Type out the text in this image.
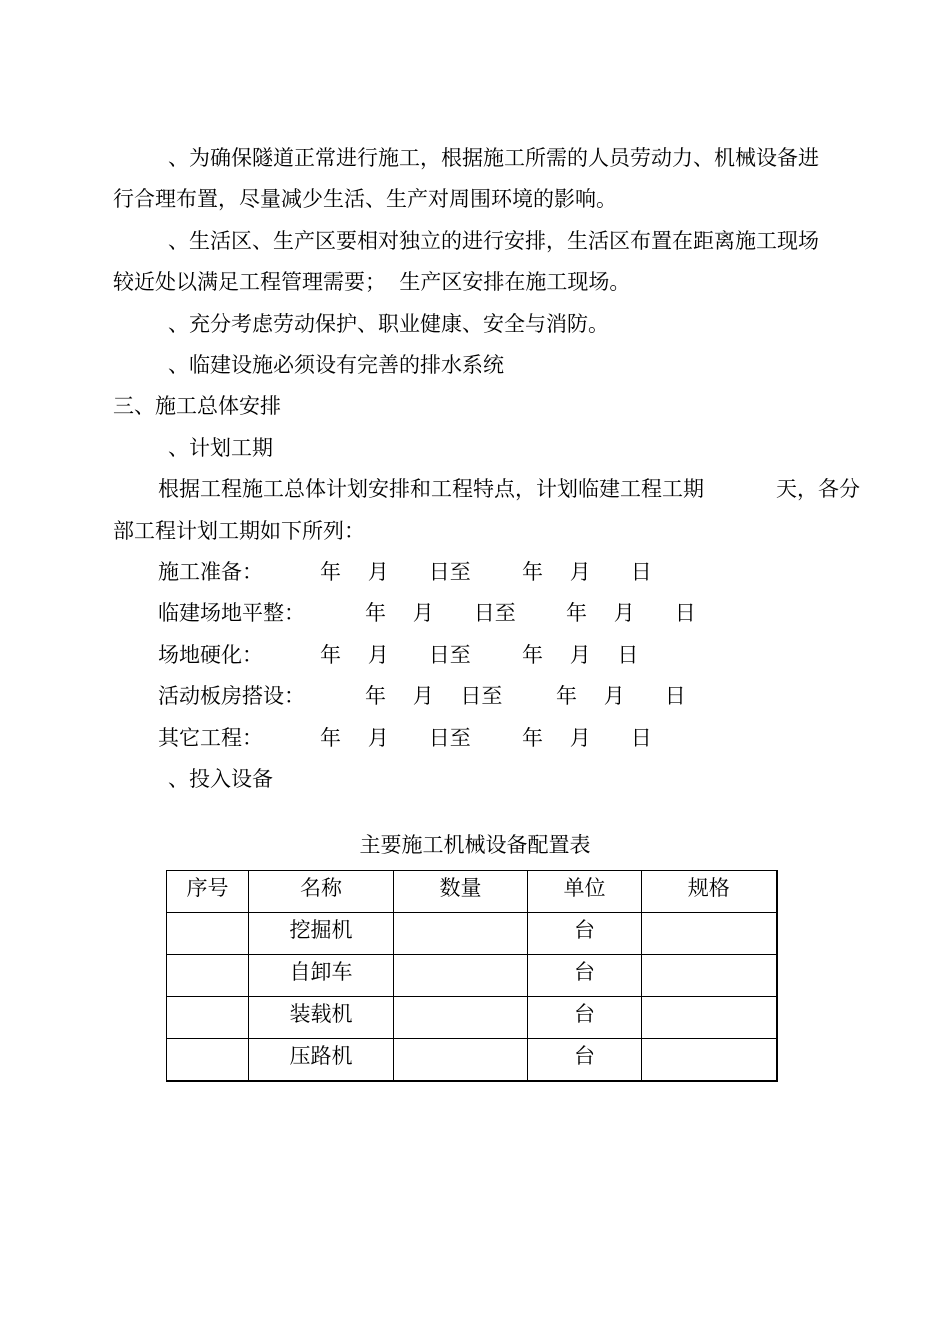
、为确保隧道正常进行施工，根据施工所需的人员劳动力、机械设备进
行合理布置，尽量减少生活、生产对周围环境的影响。
、生活区、生产区要相对独立的进行安排，生活区布置在距离施工现场
较近处以满足工程管理需要；  生产区安排在施工现场。
、充分考虑劳动保护、职业健康、安全与消防。
、临建设施必须设有完善的排水系统
三、施工总体安排
、计划工期
根据工程施工总体计划安排和工程特点，计划临建工程工期	天，各分
部工程计划工期如下所列：
施工准备：	年    月      日至 年    月      日
临建场地平整：	年    月      日至 年    月      日
场地硬化：	年    月      日至 年    月    日
活动板房搭设：	年    月    日至	年    月      日
其它工程：	年    月      日至 年    月      日
、投入设备
主要施工机械设备配置表
序号	名称	数量	单位	规格
	挖掘机		台	
	自卸车		台	
	装载机		台	
	压路机		台	
